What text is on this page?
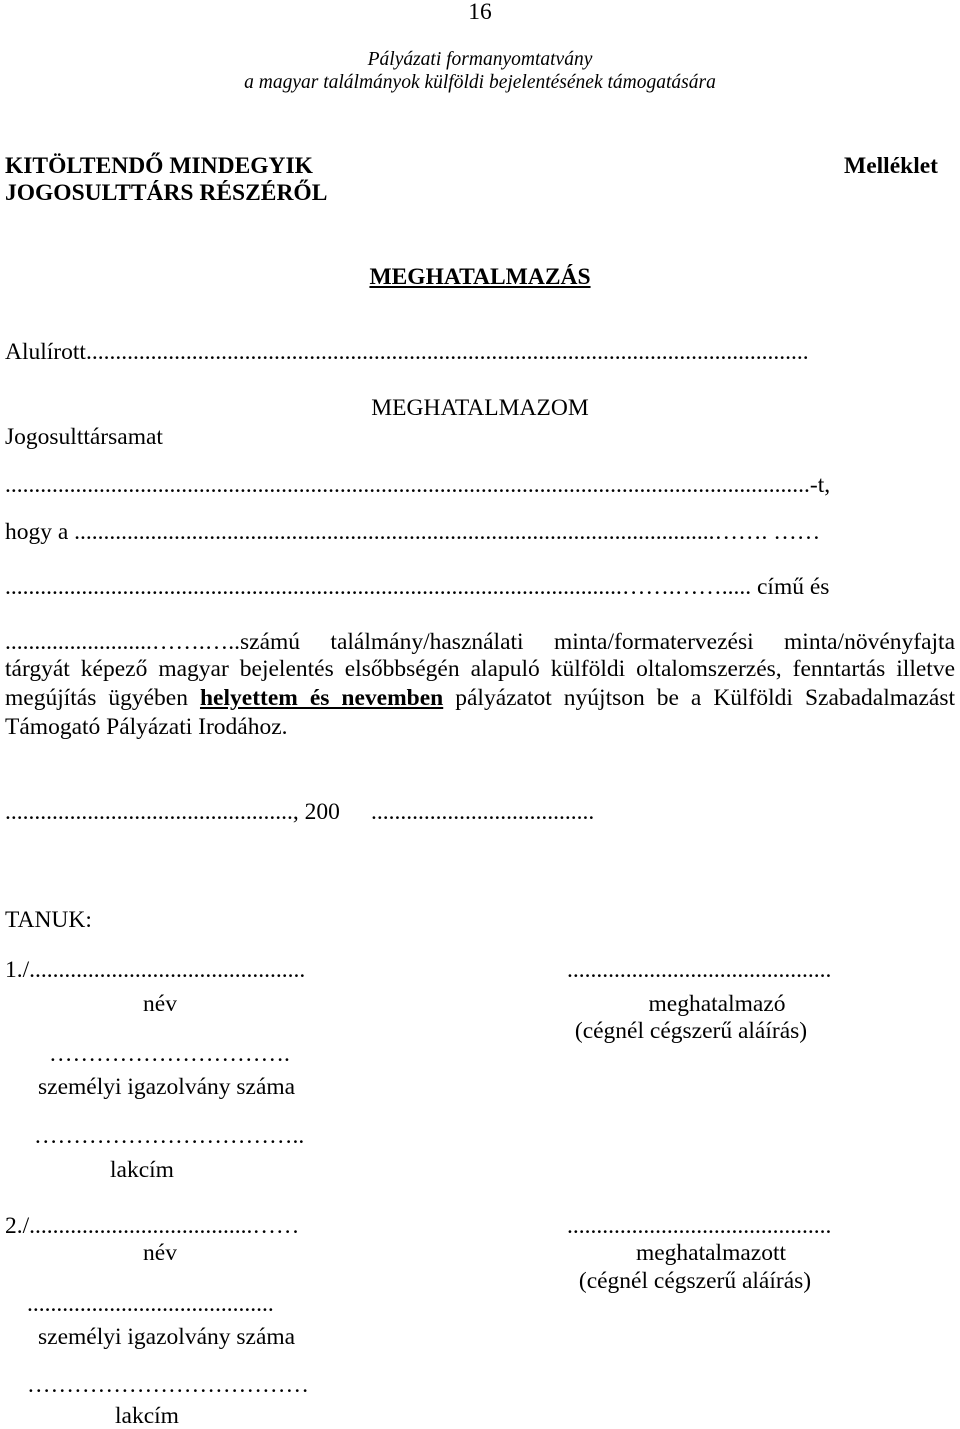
16
Pályázati formanyomtatvány
a magyar találmányok külföldi bejelentésének támogatására
KITÖLTENDŐ MINDEGYIK
JOGOSULTTÁRS RÉSZÉRŐL
Melléklet
MEGHATALMAZÁS
Alulírott...........................................................................................................................
MEGHATALMAZOM
Jogosulttársamat
.........................................................................................................................................-t,
hogy a .............................................................................................................……. ……
.........................................................................................................…….……..... című és
.........................…….…..számú találmány/használati minta/formatervezési minta/növényfajta
tárgyát képező magyar bejelentés elsőbbségén alapuló külföldi oltalomszerzés, fenntartás illetve
megújítás ügyében helyettem és nevemben pályázatot nyújtson be a Külföldi Szabadalmazást
Támogató Pályázati Irodához.
................................................., 200 ......................................
TANUK:
1./...............................................	.............................................
név	meghatalmazó
(cégnél cégszerű aláírás)
………………………….
személyi igazolvány száma
……………………………..
lakcím
2./......................................……	.............................................
név	meghatalmazott
(cégnél cégszerű aláírás)
..........................................
személyi igazolvány száma
………………………………
lakcím
